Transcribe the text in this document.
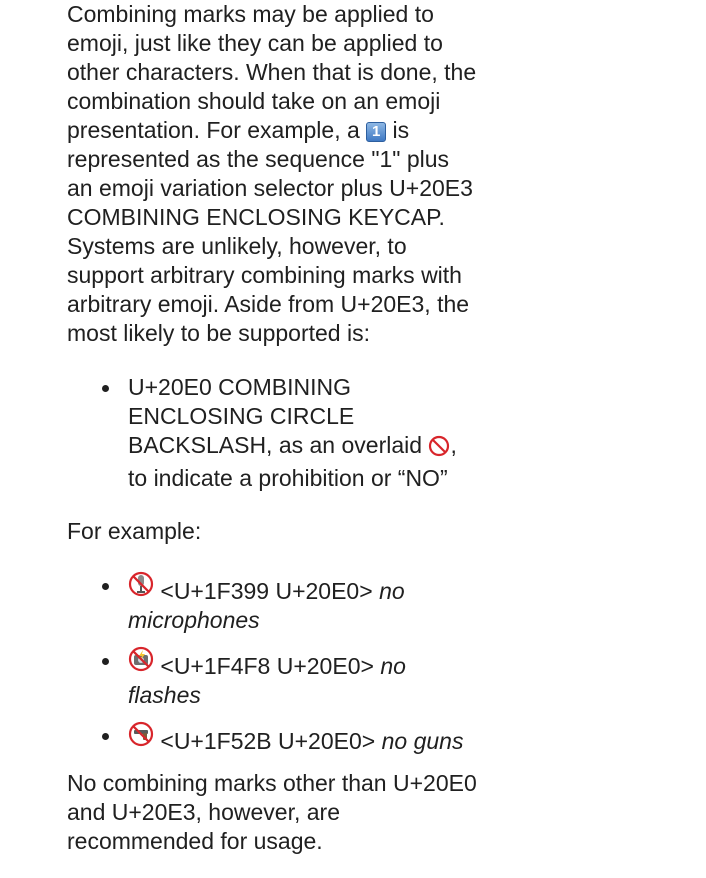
Combining marks may be applied to emoji, just like they can be applied to other characters. When that is done, the combination should take on an emoji presentation. For example, a 1 is represented as the sequence "1" plus an emoji variation selector plus U+20E3 COMBINING ENCLOSING KEYCAP. Systems are unlikely, however, to support arbitrary combining marks with arbitrary emoji. Aside from U+20E3, the most likely to be supported is:

U+20E0 COMBINING ENCLOSING CIRCLE BACKSLASH, as an overlaid , to indicate a prohibition or “NO”

For example:

<U+1F399 U+20E0> no microphones
<U+1F4F8 U+20E0> no flashes
<U+1F52B U+20E0> no guns

No combining marks other than U+20E0 and U+20E3, however, are recommended for usage.
